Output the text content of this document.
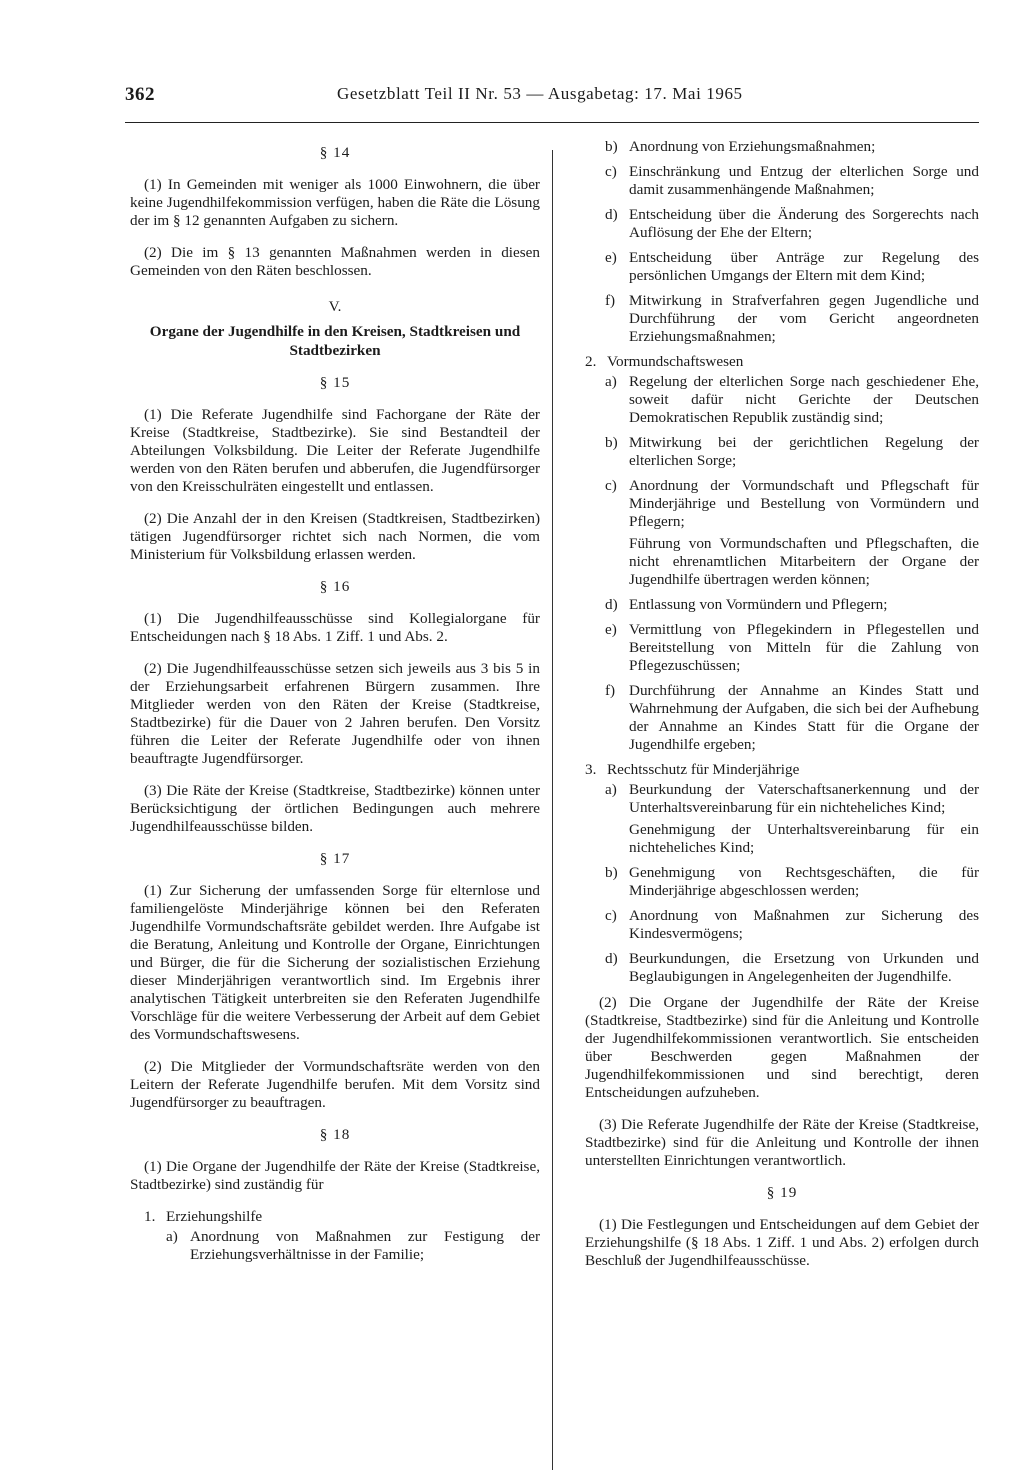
362	Gesetzblatt Teil II Nr. 53 — Ausgabetag: 17. Mai 1965
§ 14

(1) In Gemeinden mit weniger als 1000 Einwohnern, die über keine Jugendhilfekommission verfügen, haben die Räte die Lösung der im § 12 genannten Aufgaben zu sichern.

(2) Die im § 13 genannten Maßnahmen werden in diesen Gemeinden von den Räten beschlossen.

V.
Organe der Jugendhilfe in den Kreisen, Stadtkreisen und Stadtbezirken
§ 15

(1) Die Referate Jugendhilfe sind Fachorgane der Räte der Kreise (Stadtkreise, Stadtbezirke). Sie sind Bestandteil der Abteilungen Volksbildung. Die Leiter der Referate Jugendhilfe werden von den Räten berufen und abberufen, die Jugendfürsorger von den Kreisschulräten eingestellt und entlassen.

(2) Die Anzahl der in den Kreisen (Stadtkreisen, Stadtbezirken) tätigen Jugendfürsorger richtet sich nach Normen, die vom Ministerium für Volksbildung erlassen werden.

§ 16

(1) Die Jugendhilfeausschüsse sind Kollegialorgane für Entscheidungen nach § 18 Abs. 1 Ziff. 1 und Abs. 2.

(2) Die Jugendhilfeausschüsse setzen sich jeweils aus 3 bis 5 in der Erziehungsarbeit erfahrenen Bürgern zusammen. Ihre Mitglieder werden von den Räten der Kreise (Stadtkreise, Stadtbezirke) für die Dauer von 2 Jahren berufen. Den Vorsitz führen die Leiter der Referate Jugendhilfe oder von ihnen beauftragte Jugendfürsorger.

(3) Die Räte der Kreise (Stadtkreise, Stadtbezirke) können unter Berücksichtigung der örtlichen Bedingungen auch mehrere Jugendhilfeausschüsse bilden.

§ 17

(1) Zur Sicherung der umfassenden Sorge für elternlose und familiengelöste Minderjährige können bei den Referaten Jugendhilfe Vormundschaftsräte gebildet werden. Ihre Aufgabe ist die Beratung, Anleitung und Kontrolle der Organe, Einrichtungen und Bürger, die für die Sicherung der sozialistischen Erziehung dieser Minderjährigen verantwortlich sind. Im Ergebnis ihrer analytischen Tätigkeit unterbreiten sie den Referaten Jugendhilfe Vorschläge für die weitere Verbesserung der Arbeit auf dem Gebiet des Vormundschaftswesens.

(2) Die Mitglieder der Vormundschaftsräte werden von den Leitern der Referate Jugendhilfe berufen. Mit dem Vorsitz sind Jugendfürsorger zu beauftragen.

§ 18

(1) Die Organe der Jugendhilfe der Räte der Kreise (Stadtkreise, Stadtbezirke) sind zuständig für

1. Erziehungshilfe
a) Anordnung von Maßnahmen zur Festigung der Erziehungsverhältnisse in der Familie;
b) Anordnung von Erziehungsmaßnahmen;
c) Einschränkung und Entzug der elterlichen Sorge und damit zusammenhängende Maßnahmen;
d) Entscheidung über die Änderung des Sorgerechts nach Auflösung der Ehe der Eltern;
e) Entscheidung über Anträge zur Regelung des persönlichen Umgangs der Eltern mit dem Kind;
f) Mitwirkung in Strafverfahren gegen Jugendliche und Durchführung der vom Gericht angeordneten Erziehungsmaßnahmen;
2. Vormundschaftswesen
a) Regelung der elterlichen Sorge nach geschiedener Ehe, soweit dafür nicht Gerichte der Deutschen Demokratischen Republik zuständig sind;
b) Mitwirkung bei der gerichtlichen Regelung der elterlichen Sorge;
c) Anordnung der Vormundschaft und Pflegschaft für Minderjährige und Bestellung von Vormündern und Pflegern;
Führung von Vormundschaften und Pflegschaften, die nicht ehrenamtlichen Mitarbeitern der Organe der Jugendhilfe übertragen werden können;
d) Entlassung von Vormündern und Pflegern;
e) Vermittlung von Pflegekindern in Pflegestellen und Bereitstellung von Mitteln für die Zahlung von Pflegezuschüssen;
f) Durchführung der Annahme an Kindes Statt und Wahrnehmung der Aufgaben, die sich bei der Aufhebung der Annahme an Kindes Statt für die Organe der Jugendhilfe ergeben;
3. Rechtsschutz für Minderjährige
a) Beurkundung der Vaterschaftsanerkennung und der Unterhaltsvereinbarung für ein nichteheliches Kind;
Genehmigung der Unterhaltsvereinbarung für ein nichteheliches Kind;
b) Genehmigung von Rechtsgeschäften, die für Minderjährige abgeschlossen werden;
c) Anordnung von Maßnahmen zur Sicherung des Kindesvermögens;
d) Beurkundungen, die Ersetzung von Urkunden und Beglaubigungen in Angelegenheiten der Jugendhilfe.

(2) Die Organe der Jugendhilfe der Räte der Kreise (Stadtkreise, Stadtbezirke) sind für die Anleitung und Kontrolle der Jugendhilfekommissionen verantwortlich. Sie entscheiden über Beschwerden gegen Maßnahmen der Jugendhilfekommissionen und sind berechtigt, deren Entscheidungen aufzuheben.

(3) Die Referate Jugendhilfe der Räte der Kreise (Stadtkreise, Stadtbezirke) sind für die Anleitung und Kontrolle der ihnen unterstellten Einrichtungen verantwortlich.

§ 19

(1) Die Festlegungen und Entscheidungen auf dem Gebiet der Erziehungshilfe (§ 18 Abs. 1 Ziff. 1 und Abs. 2) erfolgen durch Beschluß der Jugendhilfeausschüsse.
